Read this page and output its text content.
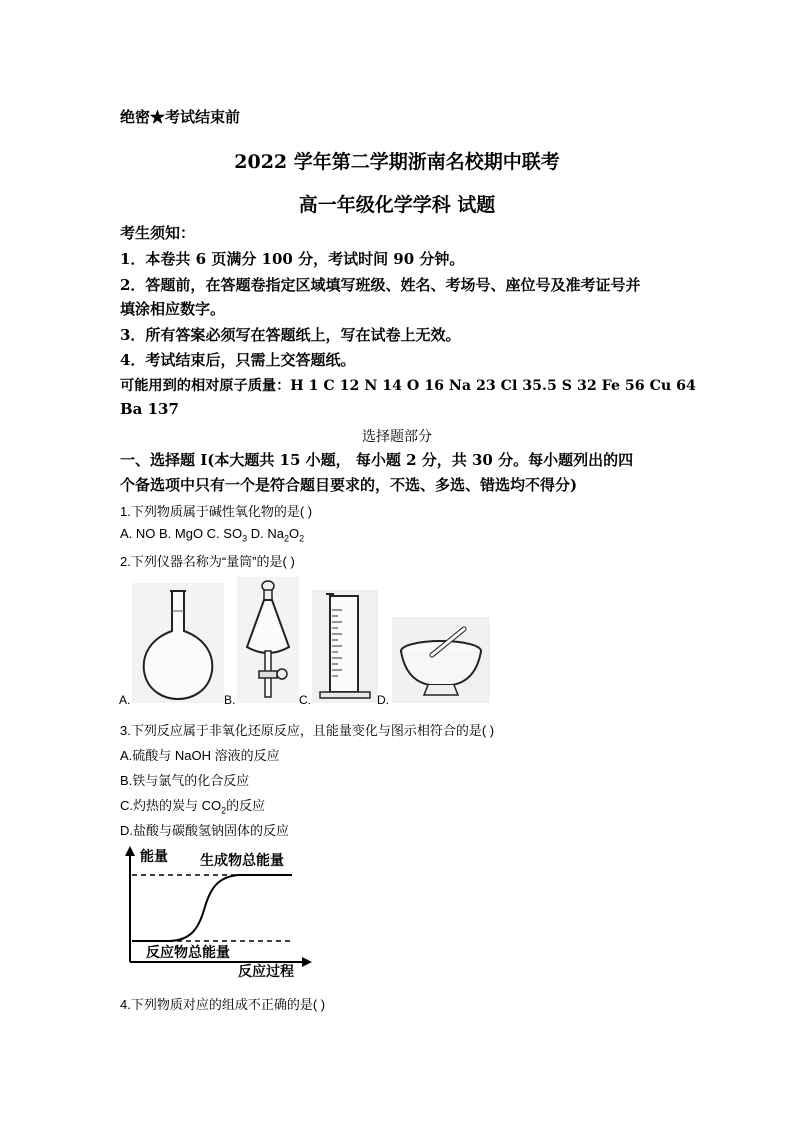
绝密★考试结束前
2022 学年第二学期浙南名校期中联考
高一年级化学学科 试题
考生须知：
1．本卷共 6 页满分 100 分，考试时间 90 分钟。
2．答题前，在答题卷指定区域填写班级、姓名、考场号、座位号及准考证号并
填涂相应数字。
3．所有答案必须写在答题纸上，写在试卷上无效。
4．考试结束后，只需上交答题纸。
可能用到的相对原子质量：H 1 C 12 N 14 O 16 Na 23 Cl 35.5 S 32 Fe 56 Cu 64
Ba 137
选择题部分
一、选择题 I(本大题共 15 小题， 每小题 2 分，共 30 分。每小题列出的四
个备选项中只有一个是符合题目要求的，不选、多选、错选均不得分)
1.下列物质属于碱性氧化物的是( )
A. NO B. MgO C. $SO_3$ D. $Na_2O_2$
2.下列仪器名称为“量筒”的是( )
A.	B.	C.	D.
3.下列反应属于非氧化还原反应，且能量变化与图示相符合的是( )
A.硫酸与 NaOH 溶液的反应
B.铁与氯气的化合反应
C.灼热的炭与 $CO_2$的反应
D.盐酸与碳酸氢钠固体的反应
能量 生成物总能量
反应物总能量
反应过程
4.下列物质对应的组成不正确的是( )
